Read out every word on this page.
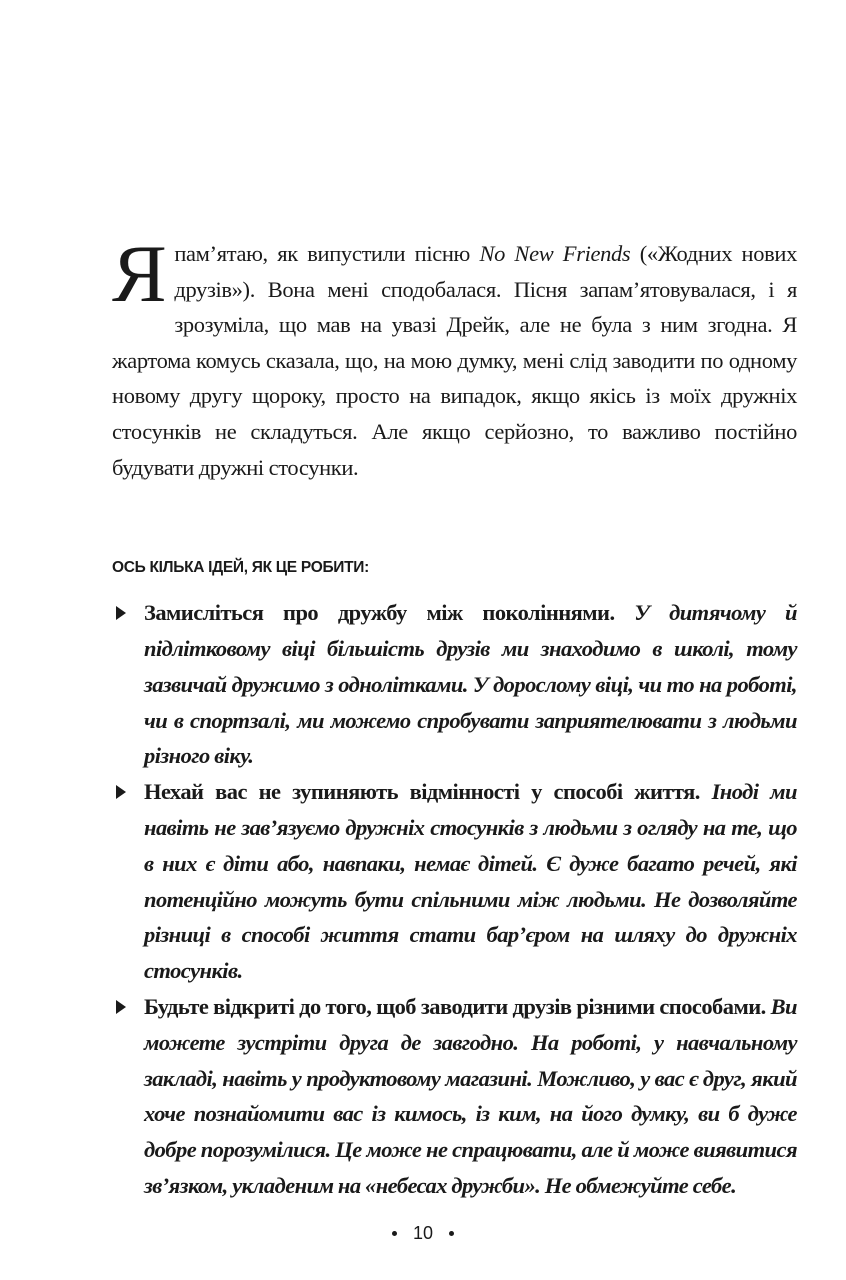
Я пам’ятаю, як випустили пісню No New Friends («Жодних нових друзів»). Вона мені сподобалася. Пісня запам’ятовувалася, і я зрозуміла, що мав на увазі Дрейк, але не була з ним згодна. Я жартома комусь сказала, що, на мою думку, мені слід заводити по одному новому другу щороку, просто на випадок, якщо якісь із моїх дружніх стосунків не складуться. Але якщо серйозно, то важливо постійно будувати дружні стосунки.

ОСЬ КІЛЬКА ІДЕЙ, ЯК ЦЕ РОБИТИ:
Замисліться про дружбу між поколіннями. У дитячому й підлітковому віці більшість друзів ми знаходимо в школі, тому зазвичай дружимо з однолітками. У дорослому віці, чи то на роботі, чи в спортзалі, ми можемо спробувати заприятелювати з людьми різного віку.
Нехай вас не зупиняють відмінності у способі життя. Іноді ми навіть не зав’язуємо дружніх стосунків з людьми з огляду на те, що в них є діти або, навпаки, немає дітей. Є дуже багато речей, які потенційно можуть бути спільними між людьми. Не дозволяйте різниці в способі життя стати бар’єром на шляху до дружніх стосунків.
Будьте відкриті до того, щоб заводити друзів різними способами. Ви можете зустріти друга де завгодно. На роботі, у навчальному закладі, навіть у продуктовому магазині. Можливо, у вас є друг, який хоче познайомити вас із кимось, із ким, на його думку, ви б дуже добре порозумілися. Це може не спрацювати, але й може виявитися зв’язком, укладеним на «небесах дружби». Не обмежуйте себе.
10
